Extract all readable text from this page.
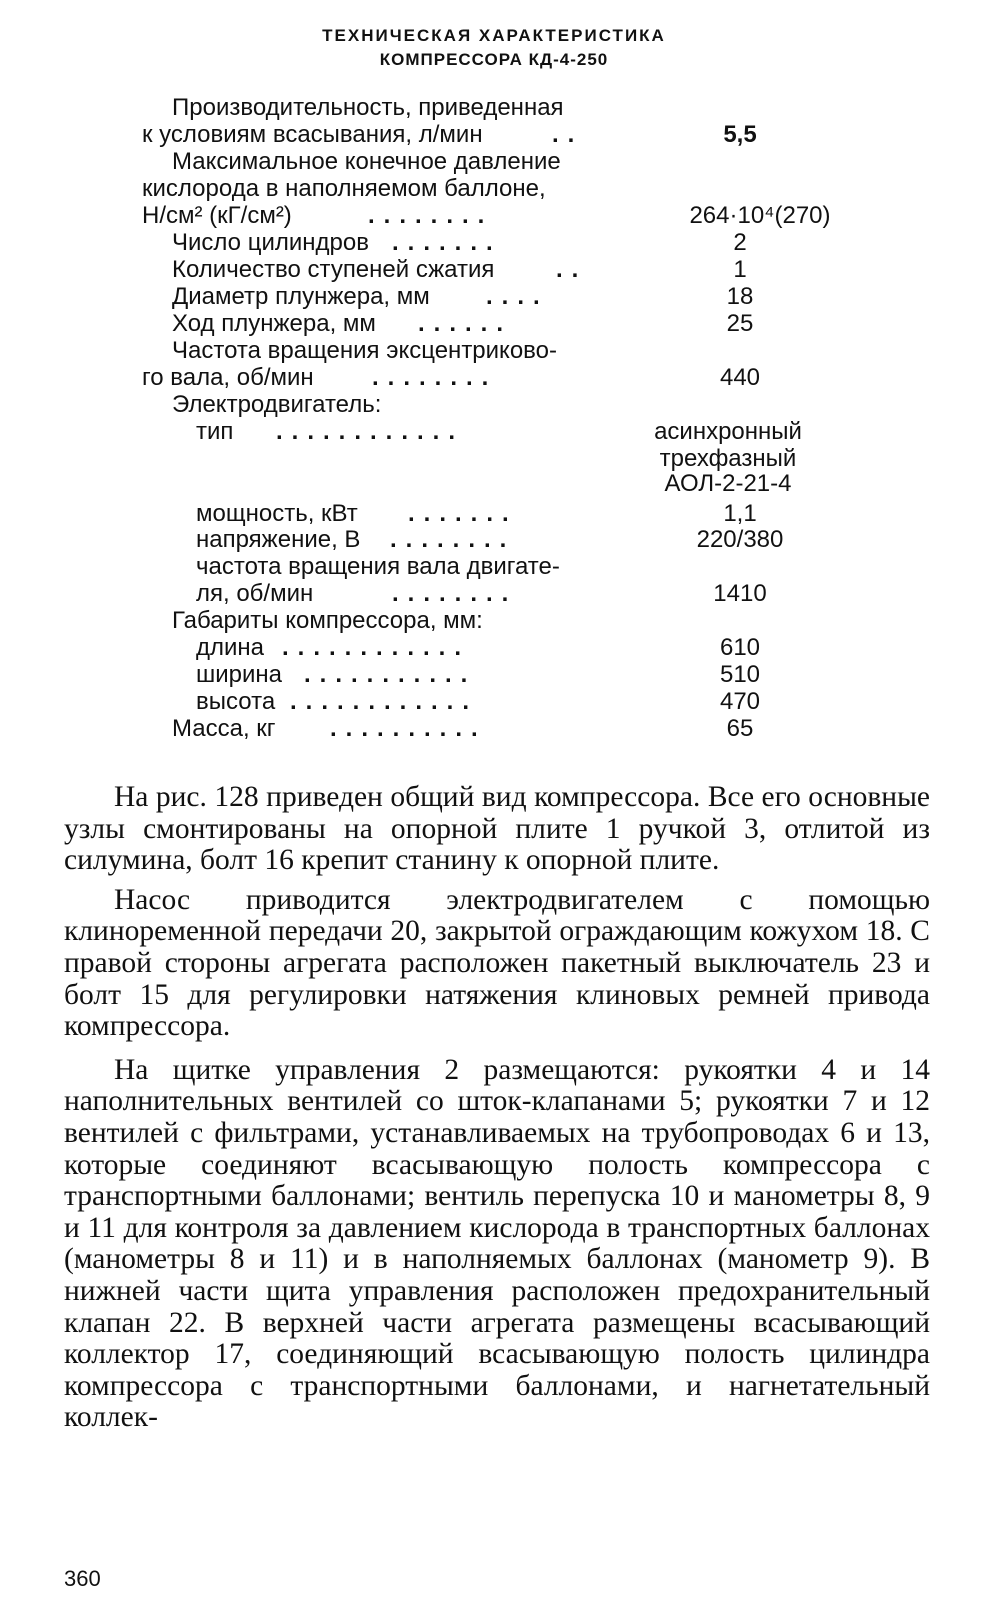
ТЕХНИЧЕСКАЯ ХАРАКТЕРИСТИКА
КОМПРЕССОРА КД-4-250
Производительность, приведенная
к условиям всасывания, л/мин	..	5,5
Максимальное конечное давление
кислорода в наполняемом баллоне,
Н/см² (кГ/см²)	........	264·10⁴(270)
Число цилиндров .......	2
Количество ступеней сжатия	..	1
Диаметр плунжера, мм ....	18
Ход плунжера, мм ......	25
Частота вращения эксцентриково-
го вала, об/мин ........	440
Электродвигатель:
тип ............	асинхронный
трехфазный
АОЛ-2-21-4
мощность, кВт .......	1,1
напряжение, В ........	220/380
частота вращения вала двигате-
ля, об/мин	........	1410
Габариты компрессора, мм:
длина ............	610
ширина ...........	510
высота ............	470
Масса, кг ..........	65

На рис. 128 приведен общий вид компрессора. Все его основные узлы смонтированы на опорной плите 1 ручкой 3, отлитой из силумина, болт 16 крепит станину к опорной плите.

Насос приводится электродвигателем с помощью клиноременной передачи 20, закрытой ограждающим кожухом 18. С правой стороны агрегата расположен пакетный выключатель 23 и болт 15 для регулировки натяжения клиновых ремней привода компрессора.

На щитке управления 2 размещаются: рукоятки 4 и 14 наполнительных вентилей со шток-клапанами 5; рукоятки 7 и 12 вентилей с фильтрами, устанавливаемых на трубопроводах 6 и 13, которые соединяют всасывающую полость компрессора с транспортными баллонами; вентиль перепуска 10 и манометры 8, 9 и 11 для контроля за давлением кислорода в транспортных баллонах (манометры 8 и 11) и в наполняемых баллонах (манометр 9). В нижней части щита управления расположен предохранительный клапан 22. В верхней части агрегата размещены всасывающий коллектор 17, соединяющий всасывающую полость цилиндра компрессора с транспортными баллонами, и нагнетательный коллек-

360
